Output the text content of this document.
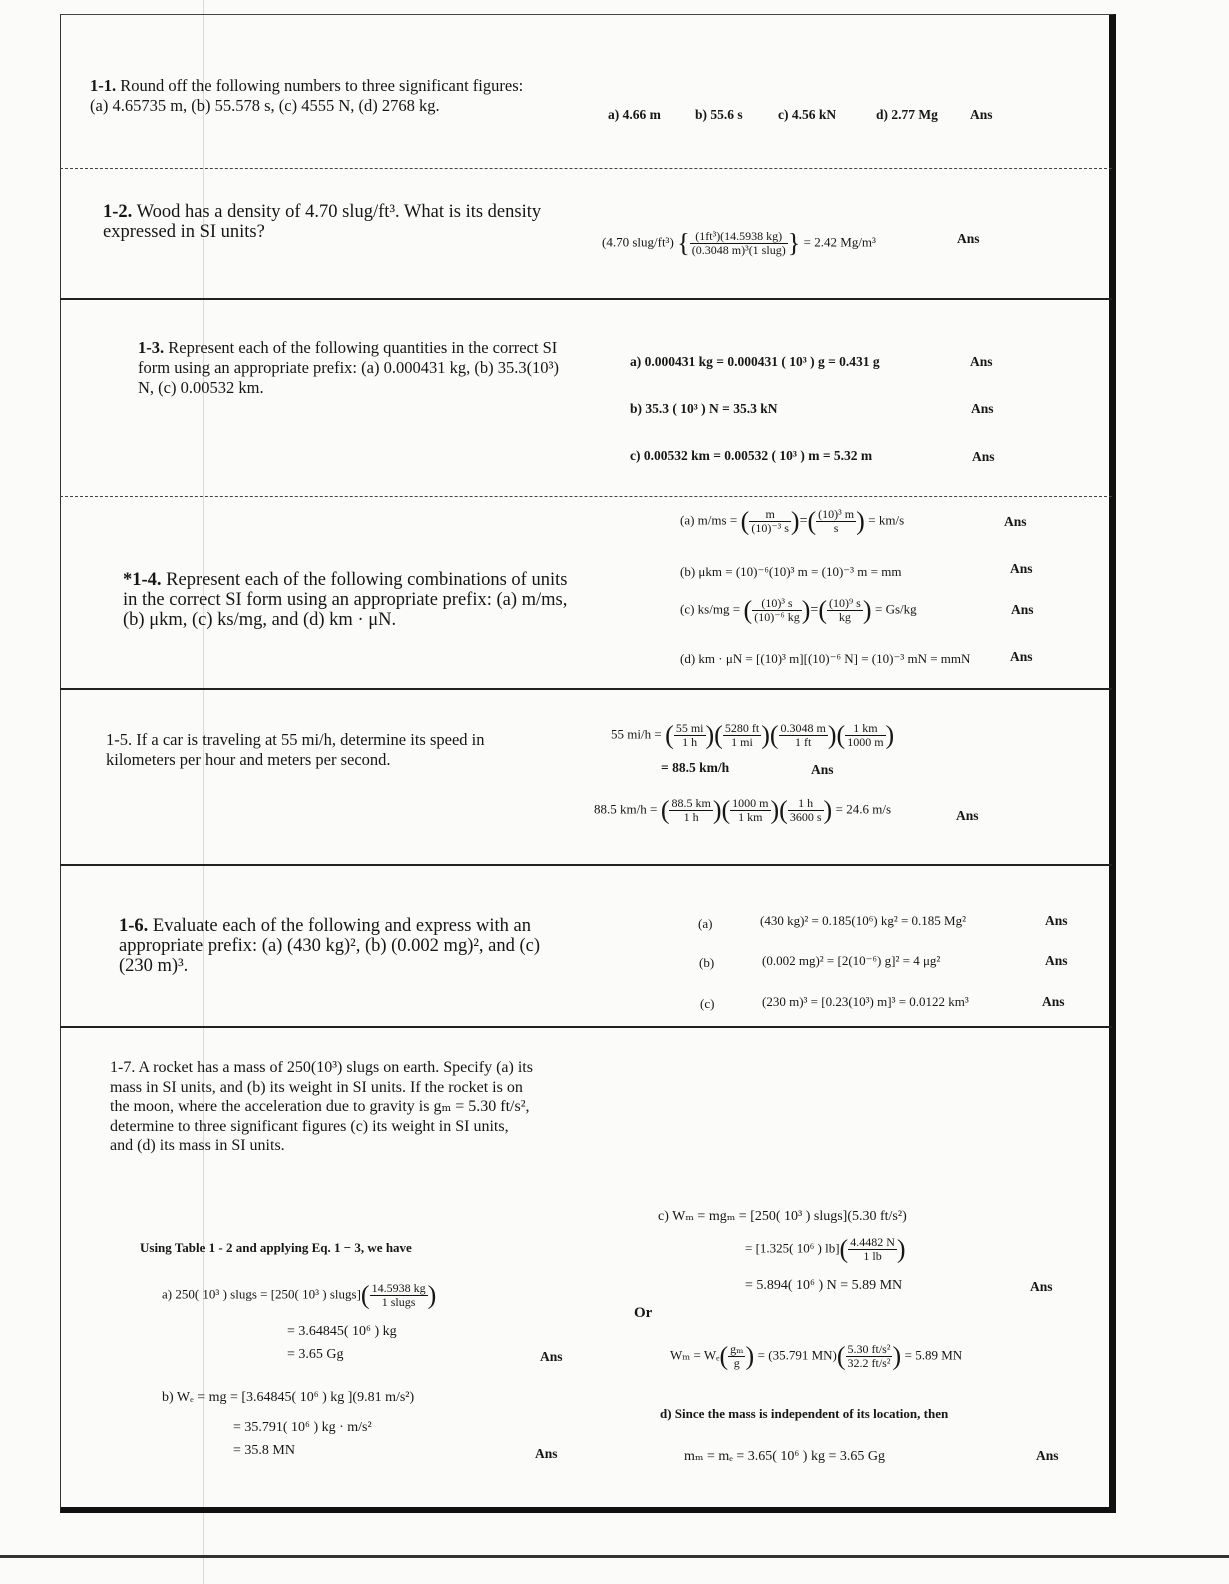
1-1. Round off the following numbers to three significant figures: (a) 4.65735 m, (b) 55.578 s, (c) 4555 N, (d) 2768 kg.	a) 4.66 m	b) 55.6 s	c) 4.56 kN	d) 2.77 Mg Ans
1-2. Wood has a density of 4.70 slug/ft³. What is its density expressed in SI units?
(4.70 slug/ft³) { $\frac{\text{(1ft³)(14.5938 kg)}}{\text{(0.3048 m)³(1 slug)}}$ } = 2.42 Mg/m³	Ans
1-3. Represent each of the following quantities in the correct SI form using an appropriate prefix: (a) 0.000431 kg, (b) 35.3(10³) N, (c) 0.00532 km.
a) 0.000431 kg = 0.000431 ( 10³ ) g = 0.431 g	Ans
b) 35.3 ( 10³ ) N = 35.3 kN	Ans
c) 0.00532 km = 0.00532 ( 10³ ) m = 5.32 m	Ans
*1-4. Represent each of the following combinations of units in the correct SI form using an appropriate prefix: (a) m/ms, (b) μkm, (c) ks/mg, and (d) km · μN.
(a) m/ms = ( $\frac{m}{\text{(10)⁻³ s}}$ )=( $\frac{\text{(10)³ m}}{s}$ ) = km/s	Ans
(b) μkm = (10)⁻⁶(10)³ m = (10)⁻³ m = mm	Ans
(c) ks/mg = ( $\frac{\text{(10)³ s}}{\text{(10)⁻⁶ kg}}$ )=( $\frac{\text{(10)⁹ s}}{kg}$ ) = Gs/kg	Ans
(d) km · μN = [(10)³ m][(10)⁻⁶ N] = (10)⁻³ mN = mmN	Ans
1-5. If a car is traveling at 55 mi/h, determine its speed in kilometers per hour and meters per second.
55 mi/h = ( $\frac{55 mi}{1 h}$ )( $\frac{5280 ft}{1 mi}$ )( $\frac{0.3048 m}{1 ft}$ )( $\frac{1 km}{1000 m}$ )
= 88.5 km/h	Ans
88.5 km/h = ( $\frac{88.5 km}{1 h}$ )( $\frac{1000 m}{1 km}$ )( $\frac{1 h}{3600 s}$ ) = 24.6 m/s	Ans
1-6. Evaluate each of the following and express with an appropriate prefix: (a) (430 kg)², (b) (0.002 mg)², and (c) (230 m)³.
(a)	(430 kg)² = 0.185(10⁶) kg² = 0.185 Mg²	Ans
(b)	(0.002 mg)² = [2(10⁻⁶) g]² = 4 μg²	Ans
(c)	(230 m)³ = [0.23(10³) m]³ = 0.0122 km³	Ans
1-7. A rocket has a mass of 250(10³) slugs on earth. Specify (a) its mass in SI units, and (b) its weight in SI units. If the rocket is on the moon, where the acceleration due to gravity is gₘ = 5.30 ft/s², determine to three significant figures (c) its weight in SI units, and (d) its mass in SI units.
Using Table 1 - 2 and applying Eq. 1 − 3, we have
a) 250( 10³ ) slugs = [250( 10³ ) slugs]( $\frac{14.5938 kg}{\text{1 slugs}}$ )
= 3.64845( 10⁶ ) kg
= 3.65 Gg	Ans
b) Wₑ = mg = [3.64845( 10⁶ ) kg ](9.81 m/s²)
= 35.791( 10⁶ ) kg · m/s²
= 35.8 MN	Ans
c) Wₘ = mgₘ = [250( 10³ ) slugs](5.30 ft/s²)
= [1.325( 10⁶ ) $lb]( \frac{4.4482 N}{1 lb}$ )
= 5.894( 10⁶ ) N = 5.89 MN	Ans
Or
$W_m = W_e( \frac{\text{gₘ}}{g}$ ) = (35.791 $MN)( \frac{\text{5.30 ft/s²}}{\text{32.2 ft/s²}}$ ) = 5.89 MN
d) Since the mass is independent of its location, then
mₘ = mₑ = 3.65( 10⁶ ) kg = 3.65 Gg	Ans
